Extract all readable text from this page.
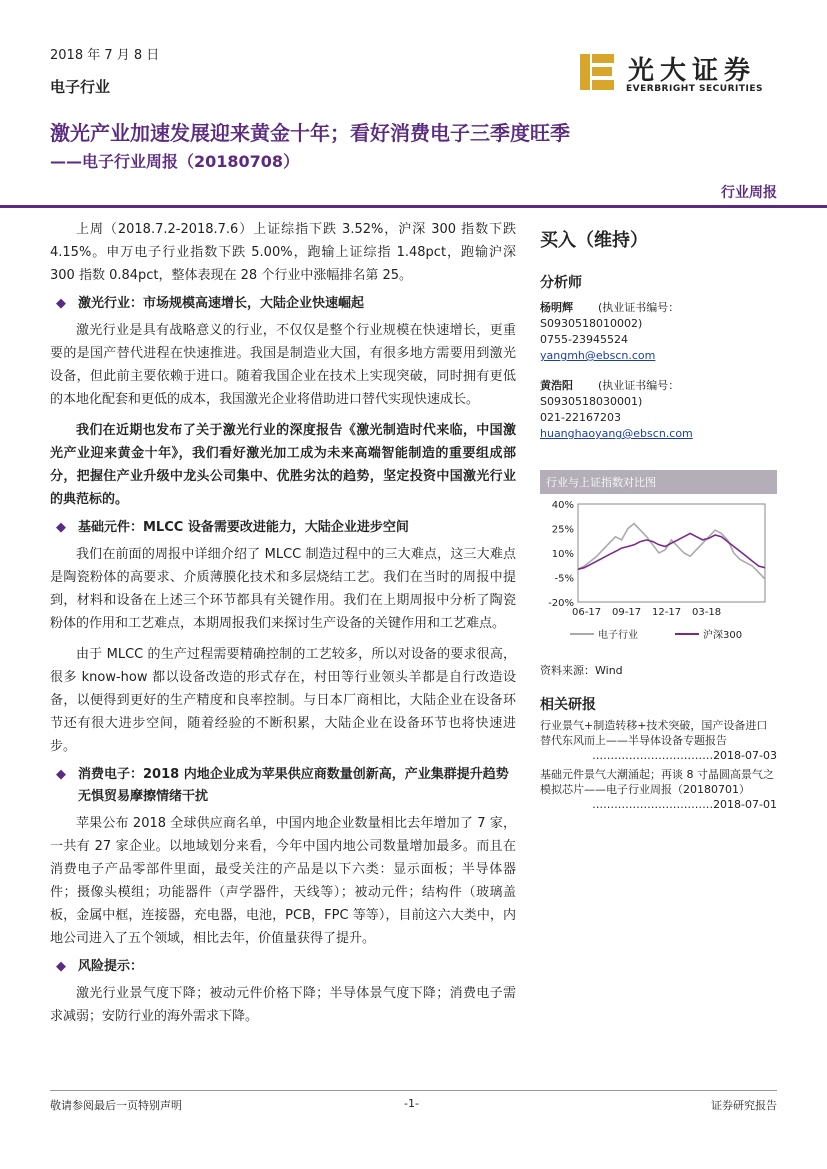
2018 年 7 月 8 日
电子行业
光大证券
EVERBRIGHT SECURITIES
激光产业加速发展迎来黄金十年；看好消费电子三季度旺季
——电子行业周报（20180708）
行业周报

上周（2018.7.2-2018.7.6）上证综指下跌 3.52%，沪深 300 指数下跌 4.15%。申万电子行业指数下跌 5.00%，跑输上证综指 1.48pct，跑输沪深 300 指数 0.84pct，整体表现在 28 个行业中涨幅排名第 25。

◆ 激光行业：市场规模高速增长，大陆企业快速崛起

激光行业是具有战略意义的行业，不仅仅是整个行业规模在快速增长，更重要的是国产替代进程在快速推进。我国是制造业大国，有很多地方需要用到激光设备，但此前主要依赖于进口。随着我国企业在技术上实现突破，同时拥有更低的本地化配套和更低的成本，我国激光企业将借助进口替代实现快速成长。

我们在近期也发布了关于激光行业的深度报告《激光制造时代来临，中国激光产业迎来黄金十年》，我们看好激光加工成为未来高端智能制造的重要组成部分，把握住产业升级中龙头公司集中、优胜劣汰的趋势，坚定投资中国激光行业的典范标的。

◆ 基础元件：MLCC 设备需要改进能力，大陆企业进步空间

我们在前面的周报中详细介绍了 MLCC 制造过程中的三大难点，这三大难点是陶瓷粉体的高要求、介质薄膜化技术和多层烧结工艺。我们在当时的周报中提到，材料和设备在上述三个环节都具有关键作用。我们在上期周报中分析了陶瓷粉体的作用和工艺难点，本期周报我们来探讨生产设备的关键作用和工艺难点。

由于 MLCC 的生产过程需要精确控制的工艺较多，所以对设备的要求很高，很多 know-how 都以设备改造的形式存在，村田等行业领头羊都是自行改造设备，以便得到更好的生产精度和良率控制。与日本厂商相比，大陆企业在设备环节还有很大进步空间，随着经验的不断积累，大陆企业在设备环节也将快速进步。

◆ 消费电子：2018 内地企业成为苹果供应商数量创新高，产业集群提升趋势无惧贸易摩擦情绪干扰

苹果公布 2018 全球供应商名单，中国内地企业数量相比去年增加了 7 家，一共有 27 家企业。以地域划分来看，今年中国内地公司数量增加最多。而且在消费电子产品零部件里面，最受关注的产品是以下六类：显示面板；半导体器件；摄像头模组；功能器件（声学器件，天线等）；被动元件；结构件（玻璃盖板，金属中框，连接器，充电器，电池，PCB，FPC 等等），目前这六大类中，内地公司进入了五个领域，相比去年，价值量获得了提升。

◆ 风险提示：

激光行业景气度下降；被动元件价格下降；半导体景气度下降；消费电子需求减弱；安防行业的海外需求下降。

买入（维持）
分析师
杨明辉 (执业证书编号：S0930518010002)
0755-23945524
yangmh@ebscn.com
黄浩阳 (执业证书编号：S0930518030001)
021-22167203
huanghaoyang@ebscn.com
行业与上证指数对比图
40%
25%
10%
-5%
-20%
06-17 09-17 12-17 03-18
电子行业	沪深300
资料来源：Wind
相关研报
行业景气+制造转移+技术突破，国产设备进口替代东风而上——半导体设备专题报告
……………………………2018-07-03
基础元件景气大潮涌起；再谈 8 寸晶圆高景气之模拟芯片——电子行业周报（20180701）
……………………………2018-07-01
敬请参阅最后一页特别声明	-1-	证券研究报告
